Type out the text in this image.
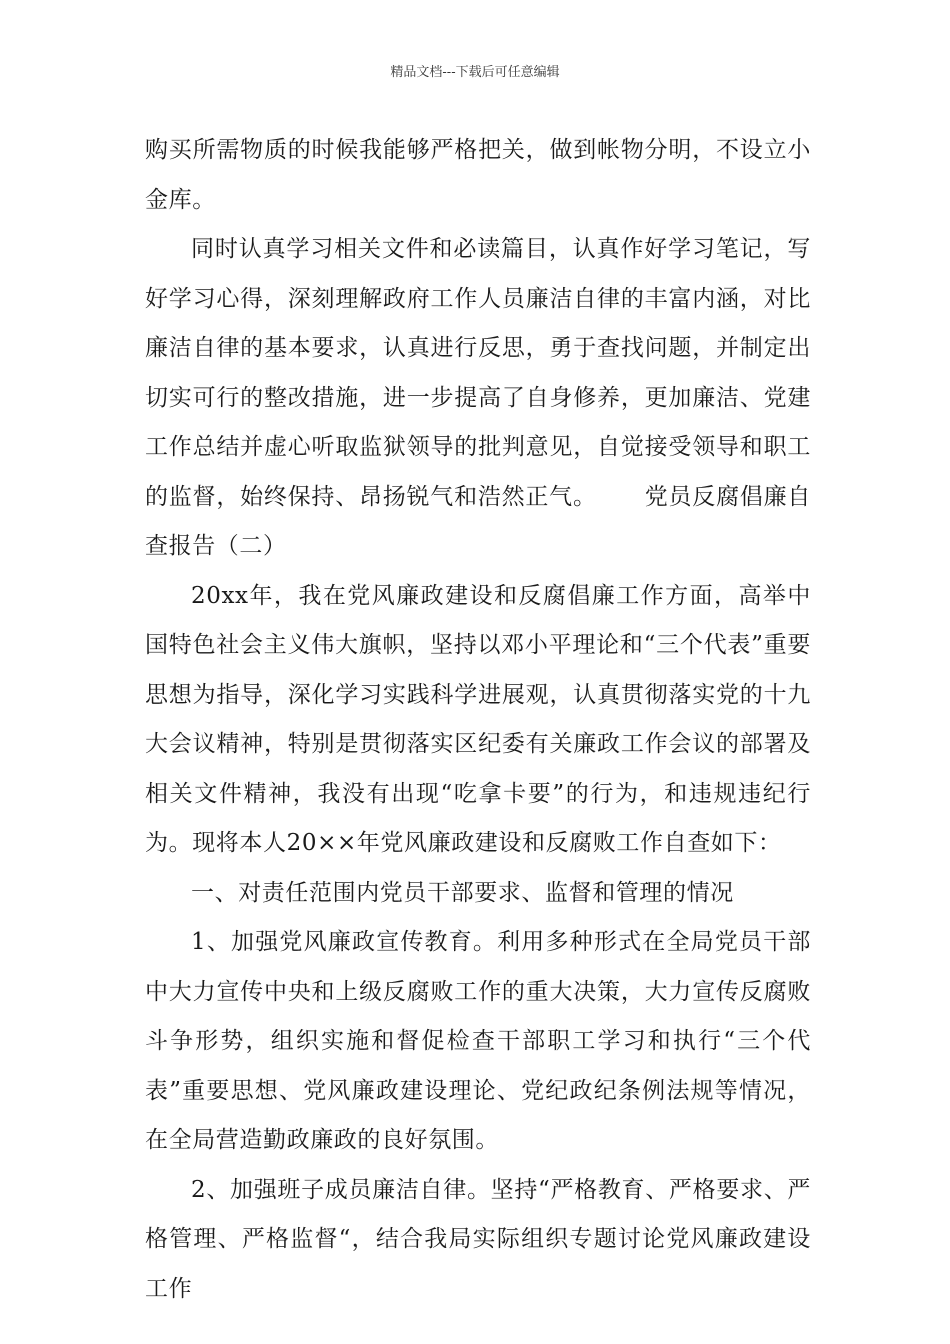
精品文档---下载后可任意编辑

购买所需物质的时候我能够严格把关，做到帐物分明，不设立小金库。

同时认真学习相关文件和必读篇目，认真作好学习笔记，写好学习心得，深刻理解政府工作人员廉洁自律的丰富内涵，对比廉洁自律的基本要求，认真进行反思，勇于查找问题，并制定出切实可行的整改措施，进一步提高了自身修养，更加廉洁、党建工作总结并虚心听取监狱领导的批判意见，自觉接受领导和职工的监督，始终保持、昂扬锐气和浩然正气。 党员反腐倡廉自查报告（二）

20xx年，我在党风廉政建设和反腐倡廉工作方面，高举中国特色社会主义伟大旗帜，坚持以邓小平理论和“三个代表”重要思想为指导，深化学习实践科学进展观，认真贯彻落实党的十九大会议精神，特别是贯彻落实区纪委有关廉政工作会议的部署及相关文件精神，我没有出现“吃拿卡要”的行为，和违规违纪行为。现将本人20××年党风廉政建设和反腐败工作自查如下：

一、对责任范围内党员干部要求、监督和管理的情况

1、加强党风廉政宣传教育。利用多种形式在全局党员干部中大力宣传中央和上级反腐败工作的重大决策，大力宣传反腐败斗争形势，组织实施和督促检查干部职工学习和执行“三个代表”重要思想、党风廉政建设理论、党纪政纪条例法规等情况，在全局营造勤政廉政的良好氛围。

2、加强班子成员廉洁自律。坚持“严格教育、严格要求、严格管理、严格监督“，结合我局实际组织专题讨论党风廉政建设工作
